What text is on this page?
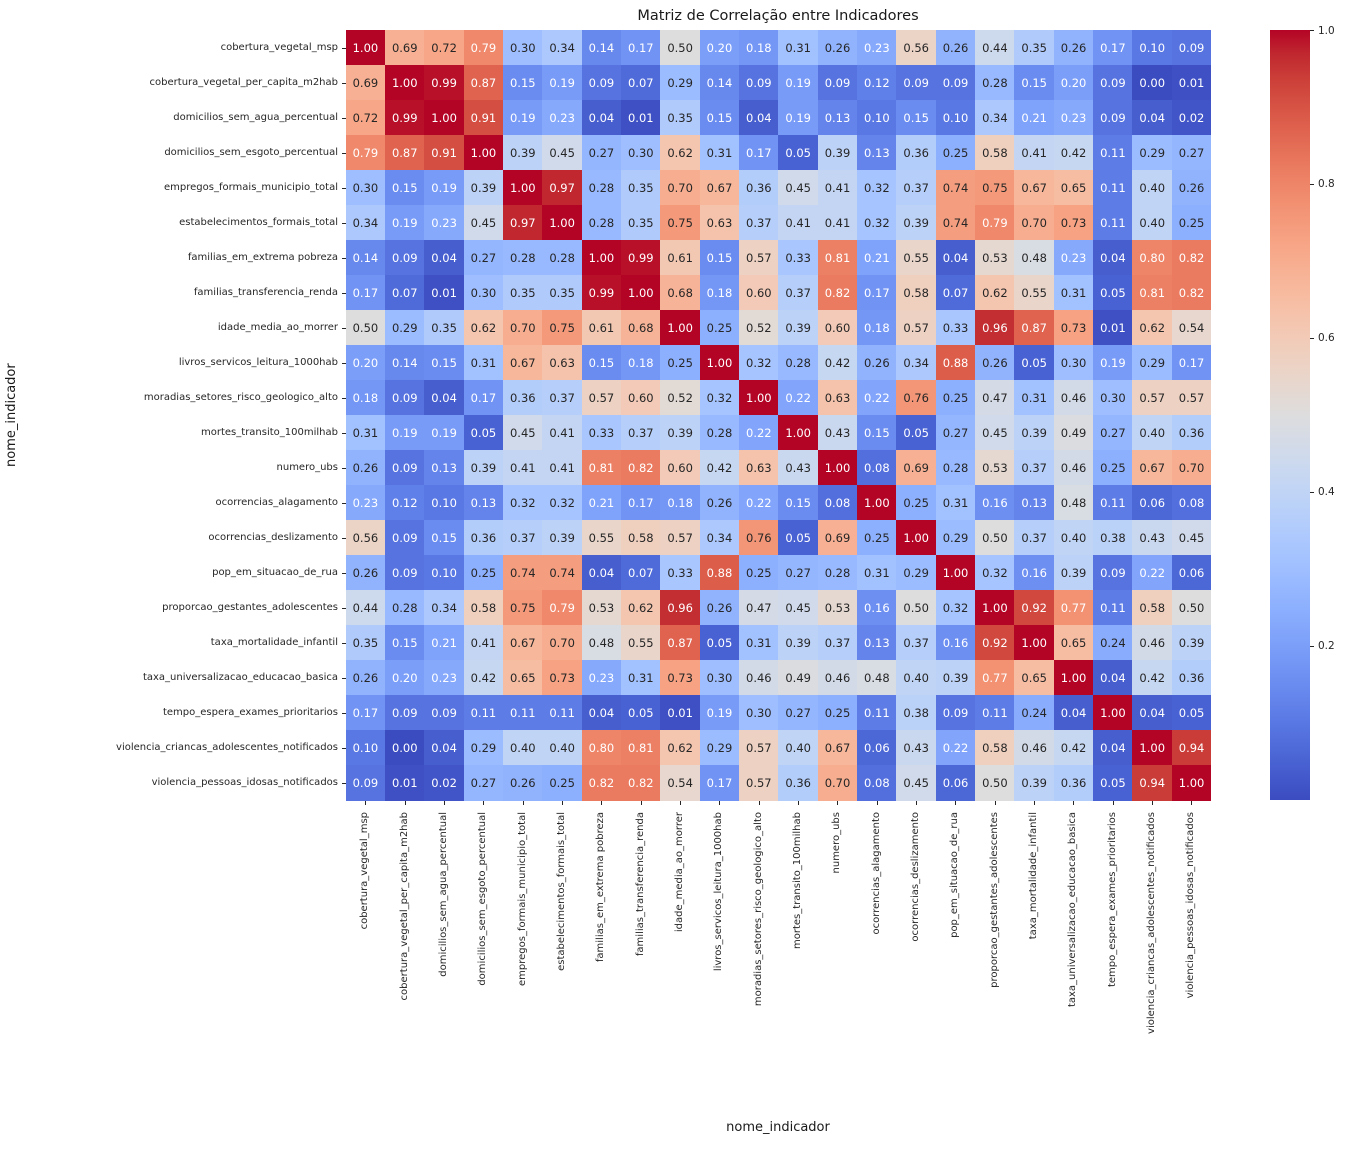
Matriz de Correlação entre Indicadores
1.00	0.69	0.72	0.79	0.30	0.34	0.14	0.17	0.50	0.20	0.18	0.31	0.26	0.23	0.56	0.26	0.44	0.35	0.26	0.17	0.10	0.09
0.69	1.00	0.99	0.87	0.15	0.19	0.09	0.07	0.29	0.14	0.09	0.19	0.09	0.12	0.09	0.09	0.28	0.15	0.20	0.09	0.00	0.01
0.72	0.99	1.00	0.91	0.19	0.23	0.04	0.01	0.35	0.15	0.04	0.19	0.13	0.10	0.15	0.10	0.34	0.21	0.23	0.09	0.04	0.02
0.79	0.87	0.91	1.00	0.39	0.45	0.27	0.30	0.62	0.31	0.17	0.05	0.39	0.13	0.36	0.25	0.58	0.41	0.42	0.11	0.29	0.27
0.30	0.15	0.19	0.39	1.00	0.97	0.28	0.35	0.70	0.67	0.36	0.45	0.41	0.32	0.37	0.74	0.75	0.67	0.65	0.11	0.40	0.26
0.34	0.19	0.23	0.45	0.97	1.00	0.28	0.35	0.75	0.63	0.37	0.41	0.41	0.32	0.39	0.74	0.79	0.70	0.73	0.11	0.40	0.25
0.14	0.09	0.04	0.27	0.28	0.28	1.00	0.99	0.61	0.15	0.57	0.33	0.81	0.21	0.55	0.04	0.53	0.48	0.23	0.04	0.80	0.82
0.17	0.07	0.01	0.30	0.35	0.35	0.99	1.00	0.68	0.18	0.60	0.37	0.82	0.17	0.58	0.07	0.62	0.55	0.31	0.05	0.81	0.82
0.50	0.29	0.35	0.62	0.70	0.75	0.61	0.68	1.00	0.25	0.52	0.39	0.60	0.18	0.57	0.33	0.96	0.87	0.73	0.01	0.62	0.54
0.20	0.14	0.15	0.31	0.67	0.63	0.15	0.18	0.25	1.00	0.32	0.28	0.42	0.26	0.34	0.88	0.26	0.05	0.30	0.19	0.29	0.17
0.18	0.09	0.04	0.17	0.36	0.37	0.57	0.60	0.52	0.32	1.00	0.22	0.63	0.22	0.76	0.25	0.47	0.31	0.46	0.30	0.57	0.57
0.31	0.19	0.19	0.05	0.45	0.41	0.33	0.37	0.39	0.28	0.22	1.00	0.43	0.15	0.05	0.27	0.45	0.39	0.49	0.27	0.40	0.36
0.26	0.09	0.13	0.39	0.41	0.41	0.81	0.82	0.60	0.42	0.63	0.43	1.00	0.08	0.69	0.28	0.53	0.37	0.46	0.25	0.67	0.70
0.23	0.12	0.10	0.13	0.32	0.32	0.21	0.17	0.18	0.26	0.22	0.15	0.08	1.00	0.25	0.31	0.16	0.13	0.48	0.11	0.06	0.08
0.56	0.09	0.15	0.36	0.37	0.39	0.55	0.58	0.57	0.34	0.76	0.05	0.69	0.25	1.00	0.29	0.50	0.37	0.40	0.38	0.43	0.45
0.26	0.09	0.10	0.25	0.74	0.74	0.04	0.07	0.33	0.88	0.25	0.27	0.28	0.31	0.29	1.00	0.32	0.16	0.39	0.09	0.22	0.06
0.44	0.28	0.34	0.58	0.75	0.79	0.53	0.62	0.96	0.26	0.47	0.45	0.53	0.16	0.50	0.32	1.00	0.92	0.77	0.11	0.58	0.50
0.35	0.15	0.21	0.41	0.67	0.70	0.48	0.55	0.87	0.05	0.31	0.39	0.37	0.13	0.37	0.16	0.92	1.00	0.65	0.24	0.46	0.39
0.26	0.20	0.23	0.42	0.65	0.73	0.23	0.31	0.73	0.30	0.46	0.49	0.46	0.48	0.40	0.39	0.77	0.65	1.00	0.04	0.42	0.36
0.17	0.09	0.09	0.11	0.11	0.11	0.04	0.05	0.01	0.19	0.30	0.27	0.25	0.11	0.38	0.09	0.11	0.24	0.04	1.00	0.04	0.05
0.10	0.00	0.04	0.29	0.40	0.40	0.80	0.81	0.62	0.29	0.57	0.40	0.67	0.06	0.43	0.22	0.58	0.46	0.42	0.04	1.00	0.94
0.09	0.01	0.02	0.27	0.26	0.25	0.82	0.82	0.54	0.17	0.57	0.36	0.70	0.08	0.45	0.06	0.50	0.39	0.36	0.05	0.94	1.00
cobertura_vegetal_msp
cobertura_vegetal_per_capita_m2hab
domicilios_sem_agua_percentual
domicilios_sem_esgoto_percentual
empregos_formais_municipio_total
estabelecimentos_formais_total
familias_em_extrema pobreza
familias_transferencia_renda
idade_media_ao_morrer
livros_servicos_leitura_1000hab
moradias_setores_risco_geologico_alto
mortes_transito_100milhab
numero_ubs
ocorrencias_alagamento
ocorrencias_deslizamento
pop_em_situacao_de_rua
proporcao_gestantes_adolescentes
taxa_mortalidade_infantil
taxa_universalizacao_educacao_basica
tempo_espera_exames_prioritarios
violencia_criancas_adolescentes_notificados
violencia_pessoas_idosas_notificados
cobertura_vegetal_msp	cobertura_vegetal_per_capita_m2hab	domicilios_sem_agua_percentual	domicilios_sem_esgoto_percentual	empregos_formais_municipio_total	estabelecimentos_formais_total	familias_em_extrema pobreza	familias_transferencia_renda	idade_media_ao_morrer	livros_servicos_leitura_1000hab	moradias_setores_risco_geologico_alto	mortes_transito_100milhab	numero_ubs	ocorrencias_alagamento	ocorrencias_deslizamento	pop_em_situacao_de_rua	proporcao_gestantes_adolescentes	taxa_mortalidade_infantil	taxa_universalizacao_educacao_basica	tempo_espera_exames_prioritarios	violencia_criancas_adolescentes_notificados	violencia_pessoas_idosas_notificados
1.0
0.8
0.6
0.4
0.2
nome_indicador
nome_indicador
